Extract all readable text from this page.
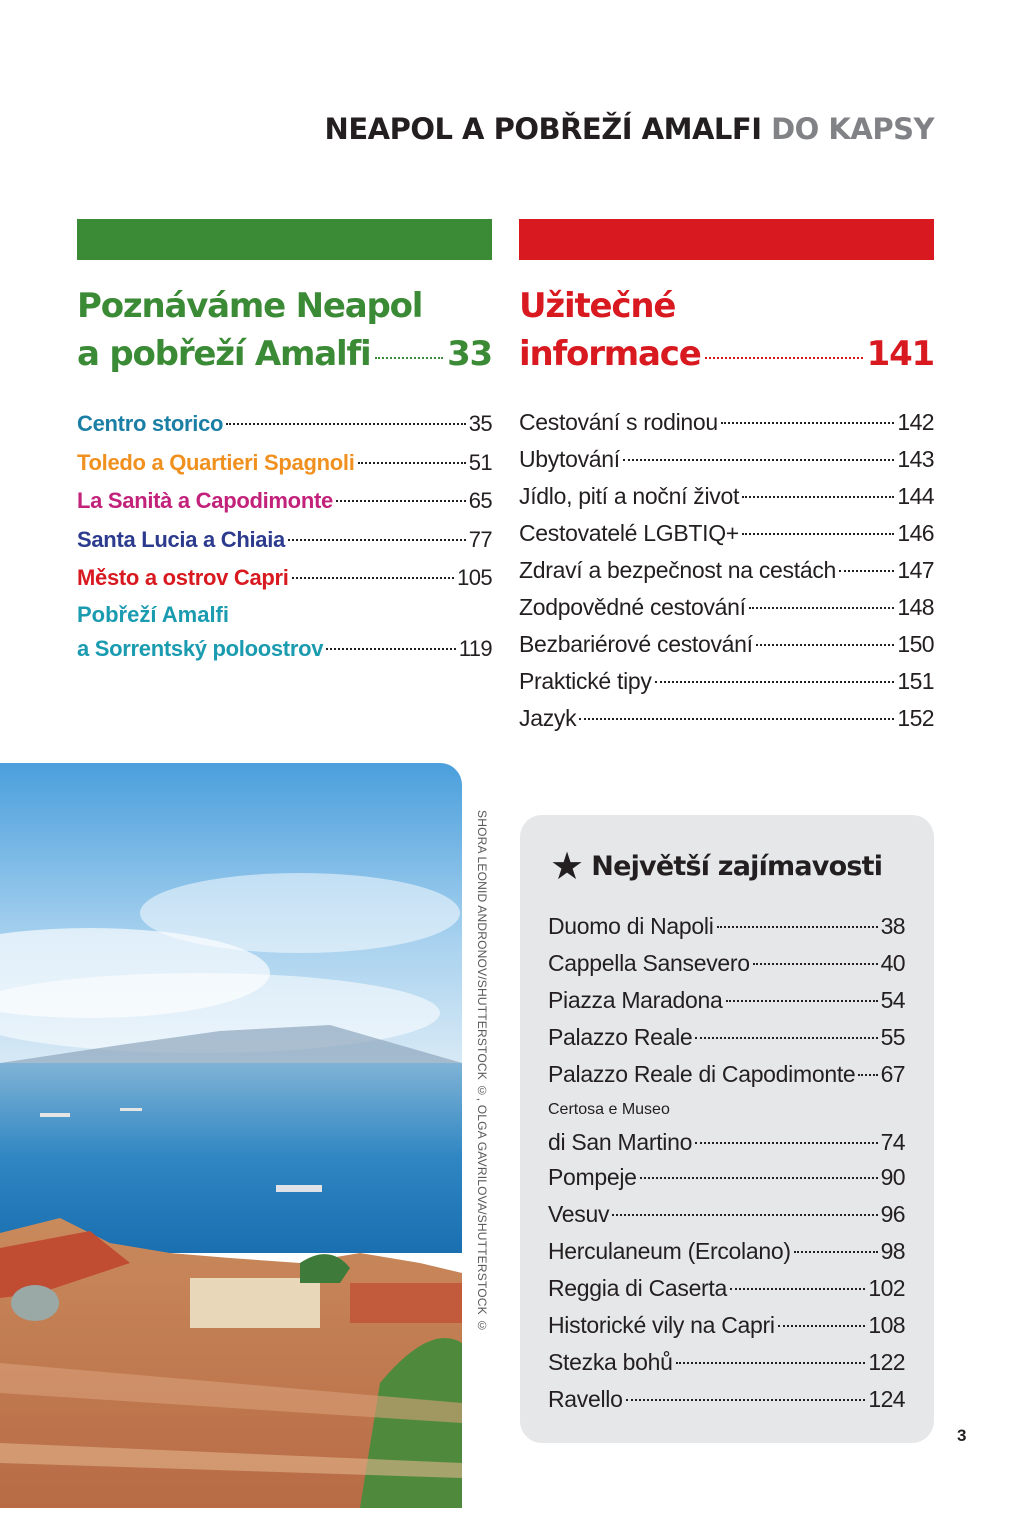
NEAPOL A POBŘEŽÍ AMALFI DO KAPSY
Poznáváme Neapol
a pobřeží Amalfi 33
Užitečné
informace	141
Centro storico	35
Toledo a Quartieri Spagnoli	51
La Sanità a Capodimonte	65
Santa Lucia a Chiaia	77
Město a ostrov Capri	105
Pobřeží Amalfi
a Sorrentský poloostrov	119
Cestování s rodinou	142
Ubytování	143
Jídlo, pití a noční život	144
Cestovatelé LGBTIQ+	146
Zdraví a bezpečnost na cestách	147
Zodpovědné cestování	148
Bezbariérové cestování	150
Praktické tipy	151
Jazyk	152
SHORA LEONID ANDRONOV/SHUTTERSTOCK ©, OLGA GAVRILOVA/SHUTTERSTOCK © ★ Největší zajímavosti
Duomo di Napoli	38
Cappella Sansevero	40
Piazza Maradona	54
Palazzo Reale	55
Palazzo Reale di Capodimonte 67
Certosa e Museo
di San Martino	74
Pompeje	90
Vesuv	96
Herculaneum (Ercolano)	98
Reggia di Caserta	102
Historické vily na Capri	108
Stezka bohů	122
Ravello	124
3
